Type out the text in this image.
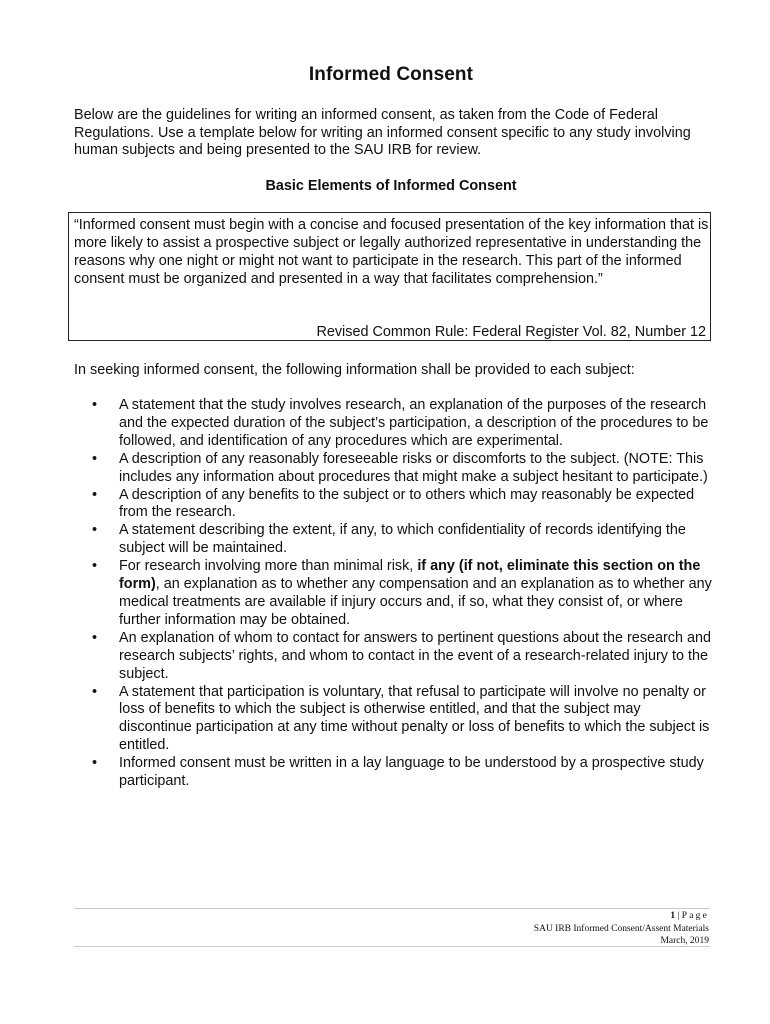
Informed Consent
Below are the guidelines for writing an informed consent, as taken from the Code of Federal Regulations. Use a template below for writing an informed consent specific to any study involving human subjects and being presented to the SAU IRB for review.
Basic Elements of Informed Consent
“Informed consent must begin with a concise and focused presentation of the key information that is more likely to assist a prospective subject or legally authorized representative in understanding the reasons why one night or might not want to participate in the research. This part of the informed consent must be organized and presented in a way that facilitates comprehension.”
Revised Common Rule: Federal Register Vol. 82, Number 12
In seeking informed consent, the following information shall be provided to each subject:
•	A statement that the study involves research, an explanation of the purposes of the research and the expected duration of the subject’s participation, a description of the procedures to be followed, and identification of any procedures which are experimental.
•	A description of any reasonably foreseeable risks or discomforts to the subject. (NOTE: This includes any information about procedures that might make a subject hesitant to participate.)
•	A description of any benefits to the subject or to others which may reasonably be expected from the research.
•	A statement describing the extent, if any, to which confidentiality of records identifying the subject will be maintained.
•	For research involving more than minimal risk, if any (if not, eliminate this section on the form), an explanation as to whether any compensation and an explanation as to whether any medical treatments are available if injury occurs and, if so, what they consist of, or where further information may be obtained.
•	An explanation of whom to contact for answers to pertinent questions about the research and research subjects’ rights, and whom to contact in the event of a research-related injury to the subject.
•	A statement that participation is voluntary, that refusal to participate will involve no penalty or loss of benefits to which the subject is otherwise entitled, and that the subject may discontinue participation at any time without penalty or loss of benefits to which the subject is entitled.
•	Informed consent must be written in a lay language to be understood by a prospective study participant.
1 | Page
SAU IRB Informed Consent/Assent Materials
March, 2019
